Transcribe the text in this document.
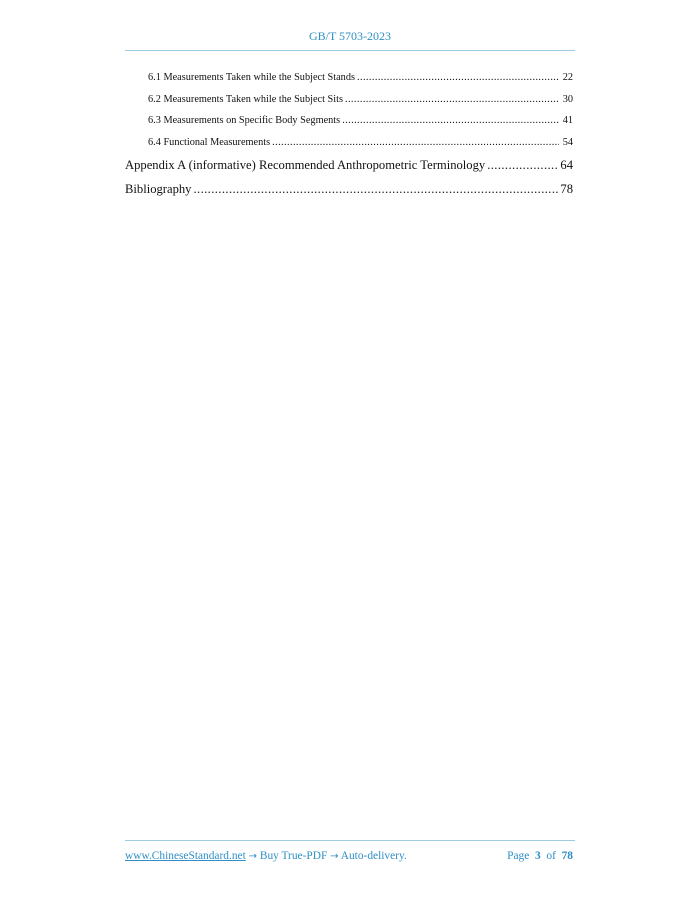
GB/T 5703-2023
6.1 Measurements Taken while the Subject Stands .....	22
6.2 Measurements Taken while the Subject Sits .....	30
6.3 Measurements on Specific Body Segments .....	41
6.4 Functional Measurements .....	54
Appendix A (informative) Recommended Anthropometric Terminology .....	64
Bibliography .....	78
www.ChineseStandard.net → Buy True-PDF → Auto-delivery.	Page 3 of 78
